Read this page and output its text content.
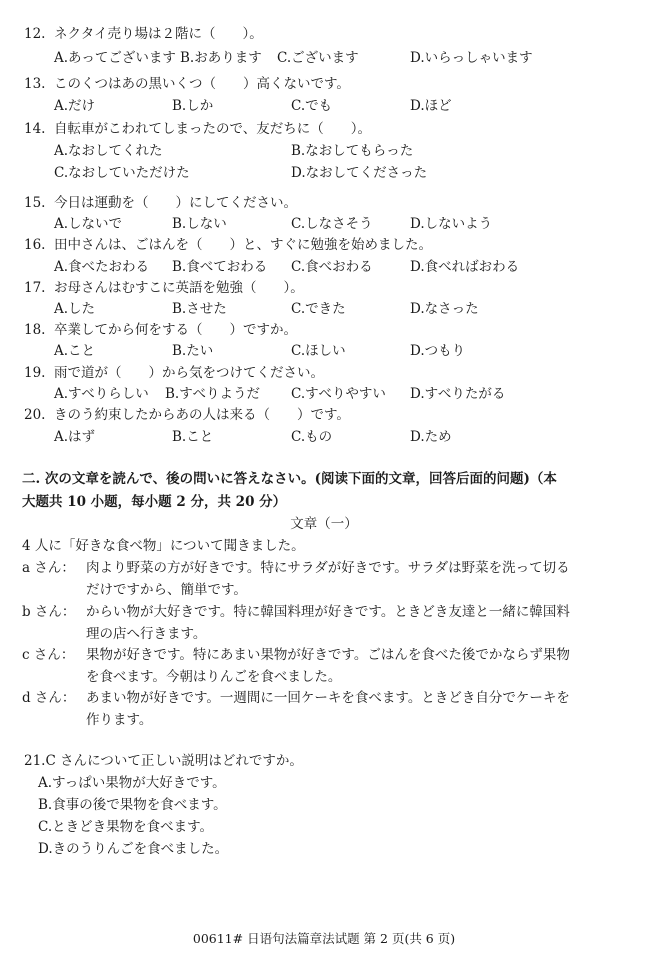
12. ネクタイ売り場は２階に（　　）。
A.あってございます B.おあります C.ございます	D.いらっしゃいます
13. このくつはあの黒いくつ（　　）高くないです。
A.だけ	B.しか	C.でも	D.ほど
14. 自転車がこわれてしまったので、友だちに（　　）。
A.なおしてくれた	B.なおしてもらった
C.なおしていただけた	D.なおしてくださった
15. 今日は運動を（　　）にしてください。
A.しないで	B.しない	C.しなさそう	D.しないよう
16. 田中さんは、ごはんを（　　）と、すぐに勉強を始めました。
A.食べたおわる B.食べておわる C.食べおわる	D.食べればおわる
17. お母さんはむすこに英語を勉強（　　）。
A.した	B.させた	C.できた	D.なさった
18. 卒業してから何をする（　　）ですか。
A.こと	B.たい	C.ほしい	D.つもり
19. 雨で道が（　　）から気をつけてください。
A.すべりらしい B.すべりようだ C.すべりやすい D.すべりたがる
20. きのう約束したからあの人は来る（　　）です。
A.はず	B.こと	C.もの	D.ため
二. 次の文章を読んで、後の問いに答えなさい。(阅读下面的文章，回答后面的问题)（本
大题共 10 小题，每小题 2 分，共 20 分）
文章（一）
4 人に「好きな食べ物」について聞きました。
a さん： 肉より野菜の方が好きです。特にサラダが好きです。サラダは野菜を洗って切る
だけですから、簡単です。
b さん： からい物が大好きです。特に韓国料理が好きです。ときどき友達と一緒に韓国料
理の店へ行きます。
c さん： 果物が好きです。特にあまい果物が好きです。ごはんを食べた後でかならず果物
を食べます。今朝はりんごを食べました。
d さん： あまい物が好きです。一週間に一回ケーキを食べます。ときどき自分でケーキを
作ります。
21.C さんについて正しい説明はどれですか。
A.すっぱい果物が大好きです。
B.食事の後で果物を食べます。
C.ときどき果物を食べます。
D.きのうりんごを食べました。
00611# 日语句法篇章法试题 第 2 页(共 6 页)
